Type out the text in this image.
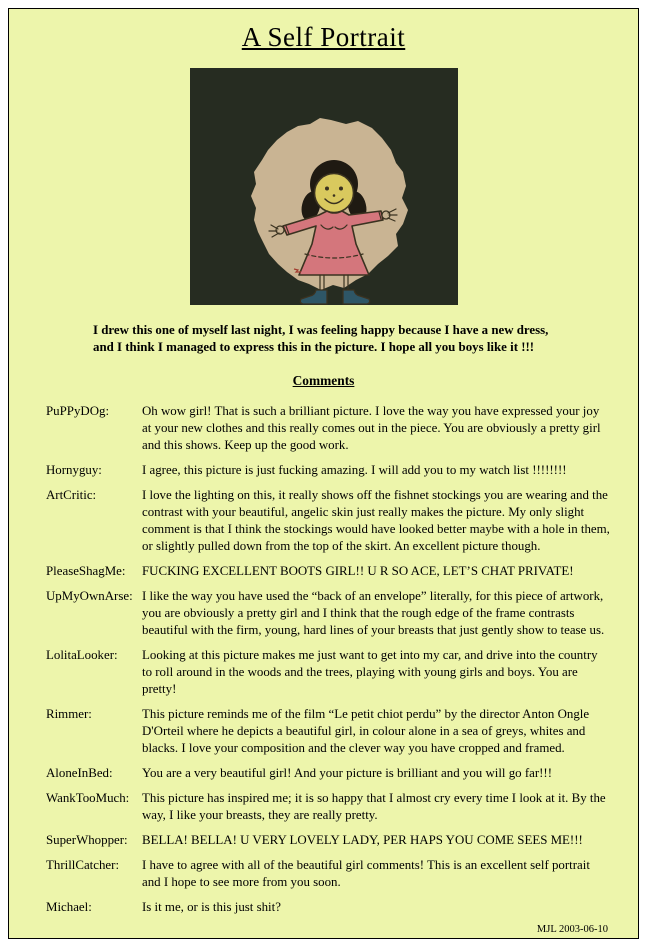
A Self Portrait

I drew this one of myself last night, I was feeling happy because I have a new dress, and I think I managed to express this in the picture. I hope all you boys like it !!!

Comments
PuPPyDOg:	Oh wow girl! That is such a brilliant picture. I love the way you have expressed your joy at your new clothes and this really comes out in the piece. You are obviously a pretty girl and this shows. Keep up the good work.
Hornyguy:	I agree, this picture is just fucking amazing. I will add you to my watch list !!!!!!!!
ArtCritic:	I love the lighting on this, it really shows off the fishnet stockings you are wearing and the contrast with your beautiful, angelic skin just really makes the picture. My only slight comment is that I think the stockings would have looked better maybe with a hole in them, or slightly pulled down from the top of the skirt. An excellent picture though.
PleaseShagMe:	FUCKING EXCELLENT BOOTS GIRL!! U R SO ACE, LET’S CHAT PRIVATE!
UpMyOwnArse: I like the way you have used the “back of an envelope” literally, for this piece of artwork, you are obviously a pretty girl and I think that the rough edge of the frame contrasts beautiful with the firm, young, hard lines of your breasts that just gently show to tease us.
LolitaLooker:	Looking at this picture makes me just want to get into my car, and drive into the country to roll around in the woods and the trees, playing with young girls and boys. You are pretty!
Rimmer:	This picture reminds me of the film “Le petit chiot perdu” by the director Anton Ongle D'Orteil where he depicts a beautiful girl, in colour alone in a sea of greys, whites and blacks. I love your composition and the clever way you have cropped and framed.
AloneInBed:	You are a very beautiful girl! And your picture is brilliant and you will go far!!!
WankTooMuch: This picture has inspired me; it is so happy that I almost cry every time I look at it. By the way, I like your breasts, they are really pretty.
SuperWhopper:	BELLA! BELLA! U VERY LOVELY LADY, PER HAPS YOU COME SEES ME!!!
ThrillCatcher:	I have to agree with all of the beautiful girl comments! This is an excellent self portrait and I hope to see more from you soon.
Michael:	Is it me, or is this just shit?
MJL 2003-06-10
